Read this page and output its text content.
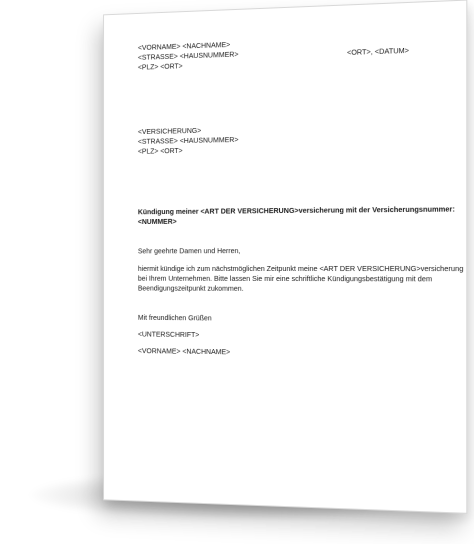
<VORNAME> <NACHNAME>
<STRASSE> <HAUSNUMMER>
<PLZ> <ORT>
<ORT>, <DATUM>
<VERSICHERUNG>
<STRASSE> <HAUSNUMMER>
<PLZ> <ORT>
Kündigung meiner <ART DER VERSICHERUNG>versicherung mit der Versicherungsnummer:
<NUMMER>
Sehr geehrte Damen und Herren,
hiermit kündige ich zum nächstmöglichen Zeitpunkt meine <ART DER VERSICHERUNG>versicherung
bei Ihrem Unternehmen. Bitte lassen Sie mir eine schriftliche Kündigungsbestätigung mit dem
Beendigungszeitpunkt zukommen.
Mit freundlichen Grüßen
<UNTERSCHRIFT>
<VORNAME> <NACHNAME>
